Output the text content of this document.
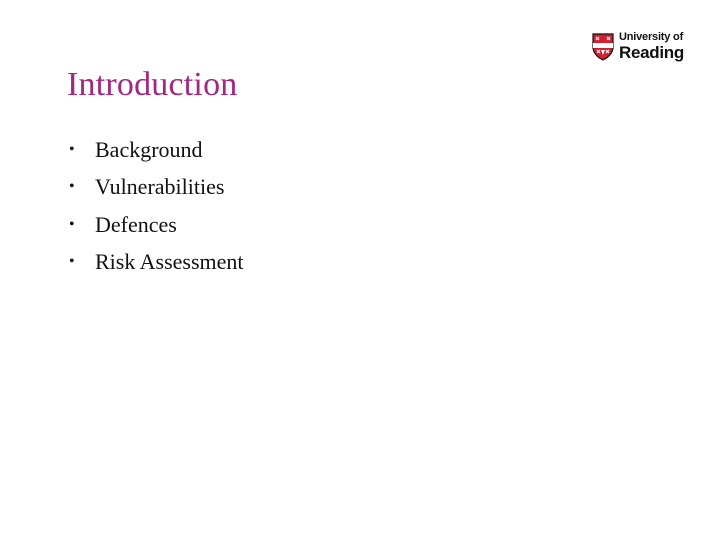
University of
Reading
Introduction
• Background
• Vulnerabilities
• Defences
• Risk Assessment
